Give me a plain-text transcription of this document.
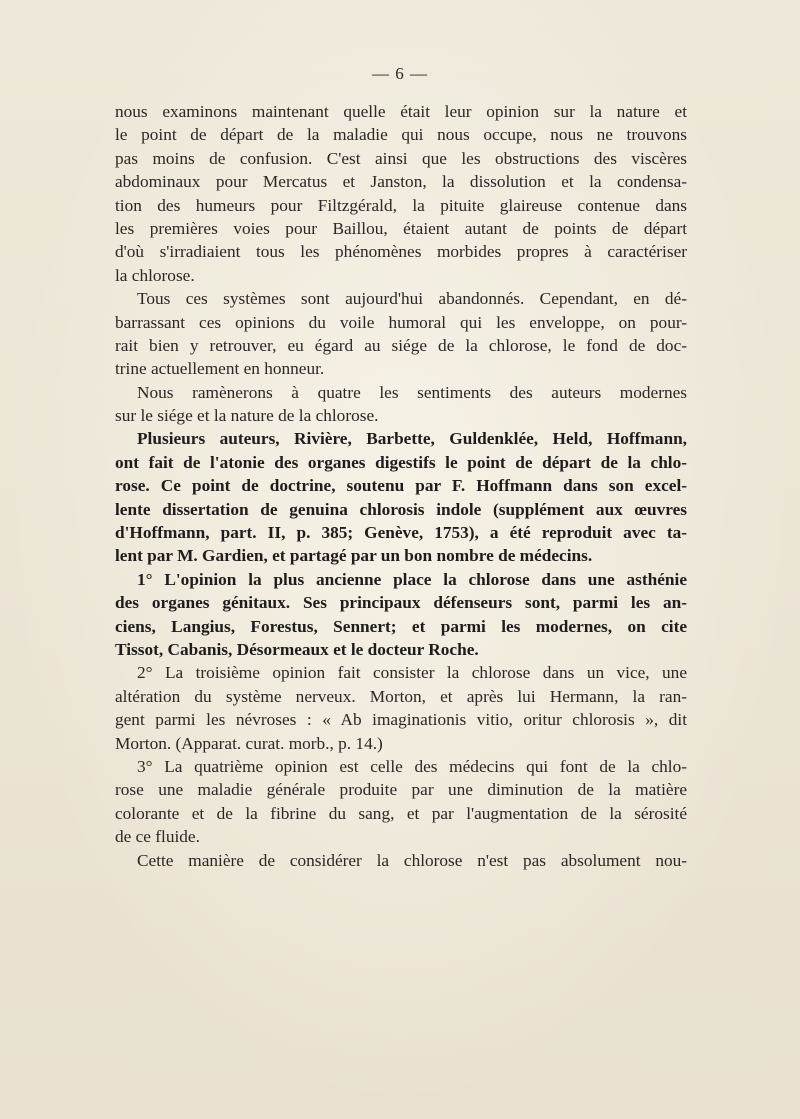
— 6 —
nous examinons maintenant quelle était leur opinion sur la nature et
le point de départ de la maladie qui nous occupe, nous ne trouvons
pas moins de confusion. C'est ainsi que les obstructions des viscères
abdominaux pour Mercatus et Janston, la dissolution et la condensa-
tion des humeurs pour Filtzgérald, la pituite glaireuse contenue dans
les premières voies pour Baillou, étaient autant de points de départ
d'où s'irradiaient tous les phénomènes morbides propres à caractériser
la chlorose.
Tous ces systèmes sont aujourd'hui abandonnés. Cependant, en dé-
barrassant ces opinions du voile humoral qui les enveloppe, on pour-
rait bien y retrouver, eu égard au siége de la chlorose, le fond de doc-
trine actuellement en honneur.
Nous ramènerons à quatre les sentiments des auteurs modernes
sur le siége et la nature de la chlorose.
Plusieurs auteurs, Rivière, Barbette, Guldenklée, Held, Hoffmann,
ont fait de l'atonie des organes digestifs le point de départ de la chlo-
rose. Ce point de doctrine, soutenu par F. Hoffmann dans son excel-
lente dissertation de genuina chlorosis indole (supplément aux œuvres
d'Hoffmann, part. II, p. 385; Genève, 1753), a été reproduit avec ta-
lent par M. Gardien, et partagé par un bon nombre de médecins.
1° L'opinion la plus ancienne place la chlorose dans une asthénie
des organes génitaux. Ses principaux défenseurs sont, parmi les an-
ciens, Langius, Forestus, Sennert; et parmi les modernes, on cite
Tissot, Cabanis, Désormeaux et le docteur Roche.
2° La troisième opinion fait consister la chlorose dans un vice, une
altération du système nerveux. Morton, et après lui Hermann, la ran-
gent parmi les névroses : « Ab imaginationis vitio, oritur chlorosis », dit
Morton. (Apparat. curat. morb., p. 14.)
3° La quatrième opinion est celle des médecins qui font de la chlo-
rose une maladie générale produite par une diminution de la matière
colorante et de la fibrine du sang, et par l'augmentation de la sérosité
de ce fluide.
Cette manière de considérer la chlorose n'est pas absolument nou-
